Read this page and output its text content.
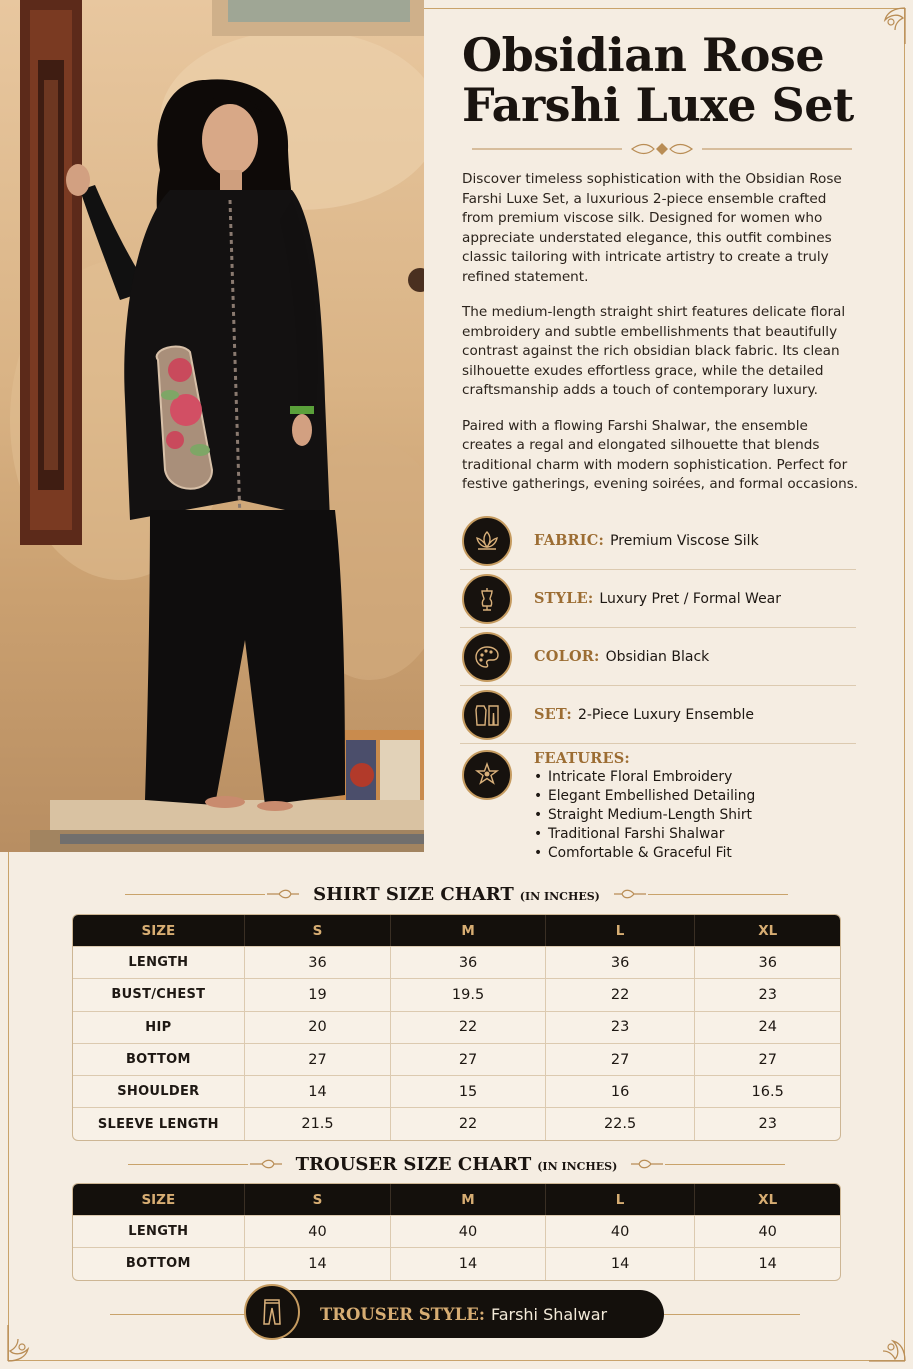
Obsidian Rose
Farshi Luxe Set

Discover timeless sophistication with the Obsidian Rose Farshi Luxe Set, a luxurious 2-piece ensemble crafted from premium viscose silk. Designed for women who appreciate understated elegance, this outfit combines classic tailoring with intricate artistry to create a truly refined statement.

The medium-length straight shirt features delicate floral embroidery and subtle embellishments that beautifully contrast against the rich obsidian black fabric. Its clean silhouette exudes effortless grace, while the detailed craftsmanship adds a touch of contemporary luxury.

Paired with a flowing Farshi Shalwar, the ensemble creates a regal and elongated silhouette that blends traditional charm with modern sophistication. Perfect for festive gatherings, evening soirées, and formal occasions.

FABRIC: Premium Viscose Silk
STYLE: Luxury Pret / Formal Wear
COLOR: Obsidian Black
SET: 2-Piece Luxury Ensemble
FEATURES:
• Intricate Floral Embroidery
• Elegant Embellished Detailing
• Straight Medium-Length Shirt
• Traditional Farshi Shalwar
• Comfortable & Graceful Fit
SHIRT SIZE CHART (IN INCHES)
SIZE	S	M	L	XL
LENGTH	36	36	36	36
BUST/CHEST	19	19.5	22	23
HIP	20	22	23	24
BOTTOM	27	27	27	27
SHOULDER	14	15	16	16.5
SLEEVE LENGTH	21.5	22	22.5	23
TROUSER SIZE CHART (IN INCHES)
SIZE	S	M	L	XL
LENGTH	40	40	40	40
BOTTOM	14	14	14	14
TROUSER STYLE: Farshi Shalwar
